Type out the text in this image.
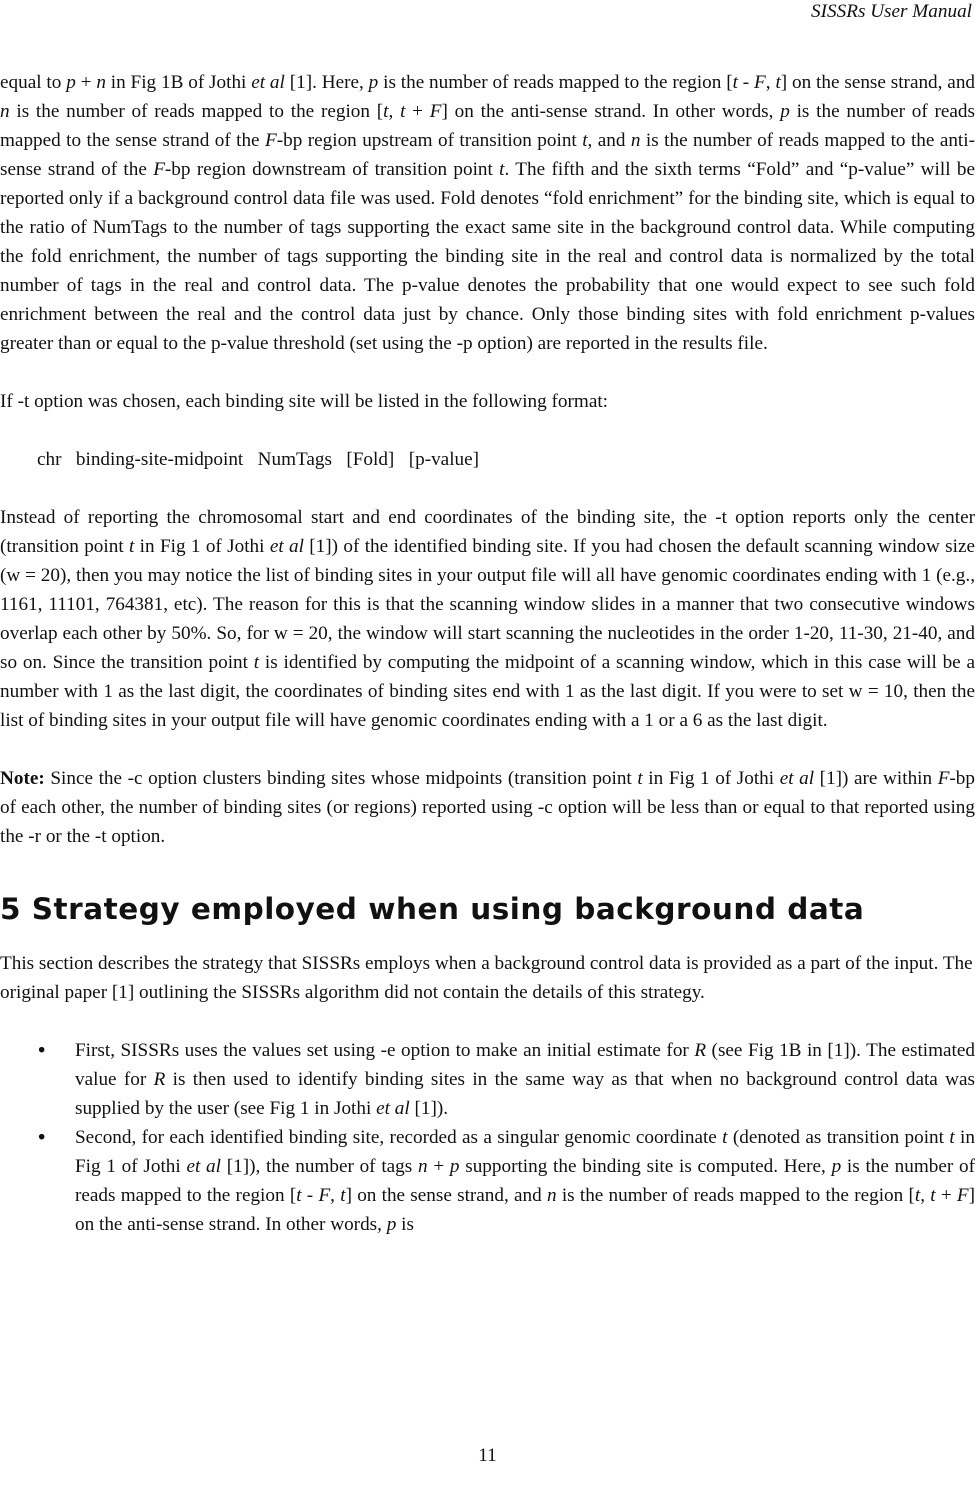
SISSRs User Manual

equal to p + n in Fig 1B of Jothi et al [1]. Here, p is the number of reads mapped to the region [t - F, t] on the sense strand, and n is the number of reads mapped to the region [t, t + F] on the anti-sense strand. In other words, p is the number of reads mapped to the sense strand of the F-bp region upstream of transition point t, and n is the number of reads mapped to the anti-sense strand of the F-bp region downstream of transition point t. The fifth and the sixth terms “Fold” and “p-value” will be reported only if a background control data file was used. Fold denotes “fold enrichment” for the binding site, which is equal to the ratio of NumTags to the number of tags supporting the exact same site in the background control data. While computing the fold enrichment, the number of tags supporting the binding site in the real and control data is normalized by the total number of tags in the real and control data. The p-value denotes the probability that one would expect to see such fold enrichment between the real and the control data just by chance. Only those binding sites with fold enrichment p-values greater than or equal to the p-value threshold (set using the -p option) are reported in the results file.

If -t option was chosen, each binding site will be listed in the following format:

chr   binding-site-midpoint   NumTags   [Fold]   [p-value]

Instead of reporting the chromosomal start and end coordinates of the binding site, the -t option reports only the center (transition point t in Fig 1 of Jothi et al [1]) of the identified binding site. If you had chosen the default scanning window size (w = 20), then you may notice the list of binding sites in your output file will all have genomic coordinates ending with 1 (e.g., 1161, 11101, 764381, etc). The reason for this is that the scanning window slides in a manner that two consecutive windows overlap each other by 50%. So, for w = 20, the window will start scanning the nucleotides in the order 1-20, 11-30, 21-40, and so on. Since the transition point t is identified by computing the midpoint of a scanning window, which in this case will be a number with 1 as the last digit, the coordinates of binding sites end with 1 as the last digit. If you were to set w = 10, then the list of binding sites in your output file will have genomic coordinates ending with a 1 or a 6 as the last digit.

Note: Since the -c option clusters binding sites whose midpoints (transition point t in Fig 1 of Jothi et al [1]) are within F-bp of each other, the number of binding sites (or regions) reported using -c option will be less than or equal to that reported using the -r or the -t option.

5 Strategy employed when using background data

This section describes the strategy that SISSRs employs when a background control data is provided as a part of the input. The original paper [1] outlining the SISSRs algorithm did not contain the details of this strategy.

• First, SISSRs uses the values set using -e option to make an initial estimate for R (see Fig 1B in [1]). The estimated value for R is then used to identify binding sites in the same way as that when no background control data was supplied by the user (see Fig 1 in Jothi et al [1]).
• Second, for each identified binding site, recorded as a singular genomic coordinate t (denoted as transition point t in Fig 1 of Jothi et al [1]), the number of tags n + p supporting the binding site is computed. Here, p is the number of reads mapped to the region [t - F, t] on the sense strand, and n is the number of reads mapped to the region [t, t + F] on the anti-sense strand. In other words, p is
11
